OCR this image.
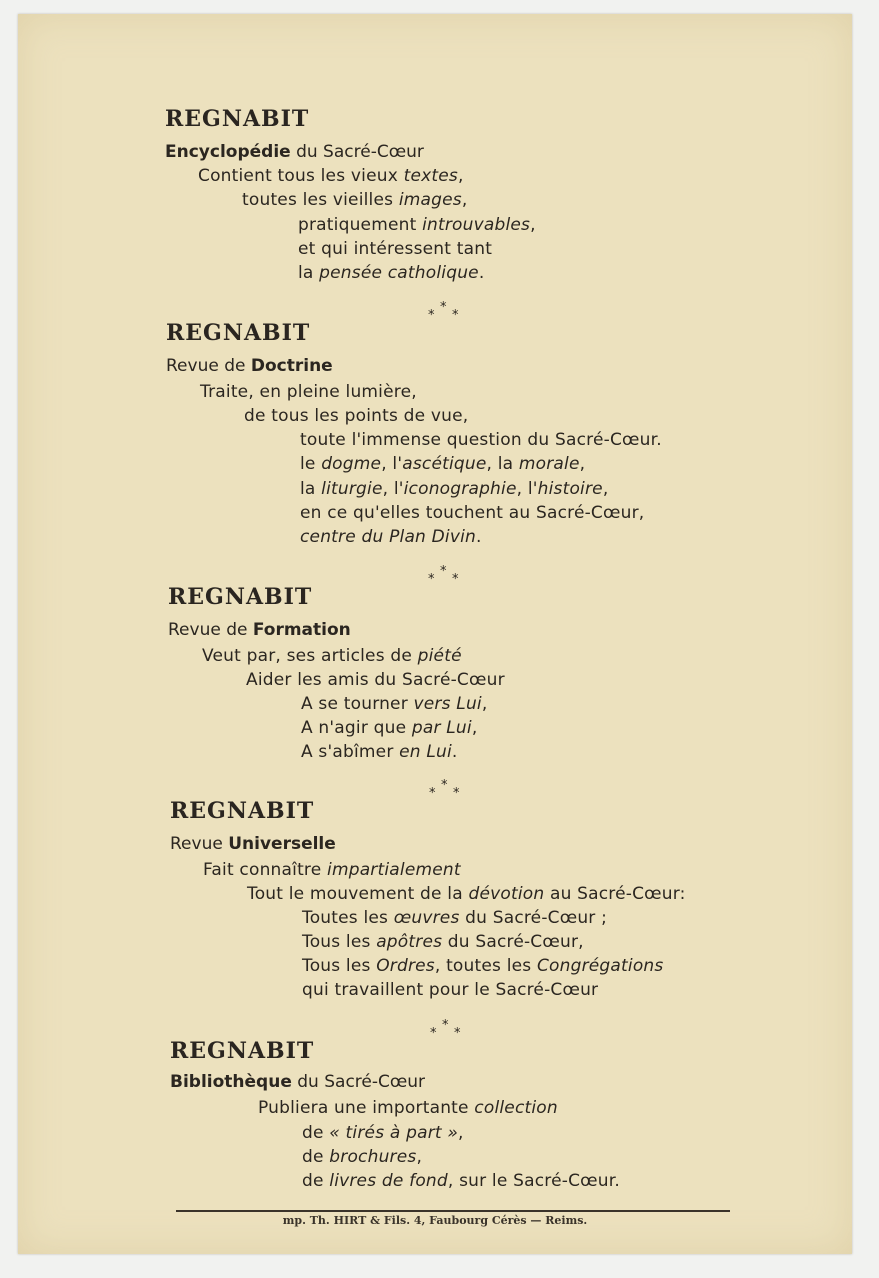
REGNABIT
Encyclopédie du Sacré-Cœur
Contient tous les vieux textes,
toutes les vieilles images,
pratiquement introuvables,
et qui intéressent tant
la pensée catholique.
*
*
*
REGNABIT
Revue de Doctrine
Traite, en pleine lumière,
de tous les points de vue,
toute l'immense question du Sacré-Cœur.
le dogme, l'ascétique, la morale,
la liturgie, l'iconographie, l'histoire,
en ce qu'elles touchent au Sacré-Cœur,
centre du Plan Divin.
*
*
*
REGNABIT
Revue de Formation
Veut par, ses articles de piété
Aider les amis du Sacré-Cœur
A se tourner vers Lui,
A n'agir que par Lui,
A s'abîmer en Lui.
*
*
*
REGNABIT
Revue Universelle
Fait connaître impartialement
Tout le mouvement de la dévotion au Sacré-Cœur:
Toutes les œuvres du Sacré-Cœur ;
Tous les apôtres du Sacré-Cœur,
Tous les Ordres, toutes les Congrégations
qui travaillent pour le Sacré-Cœur
*
*
*
REGNABIT
Bibliothèque du Sacré-Cœur
Publiera une importante collection
de « tirés à part »,
de brochures,
de livres de fond, sur le Sacré-Cœur.
mp. Th. HIRT & Fils. 4, Faubourg Cérès — Reims.
